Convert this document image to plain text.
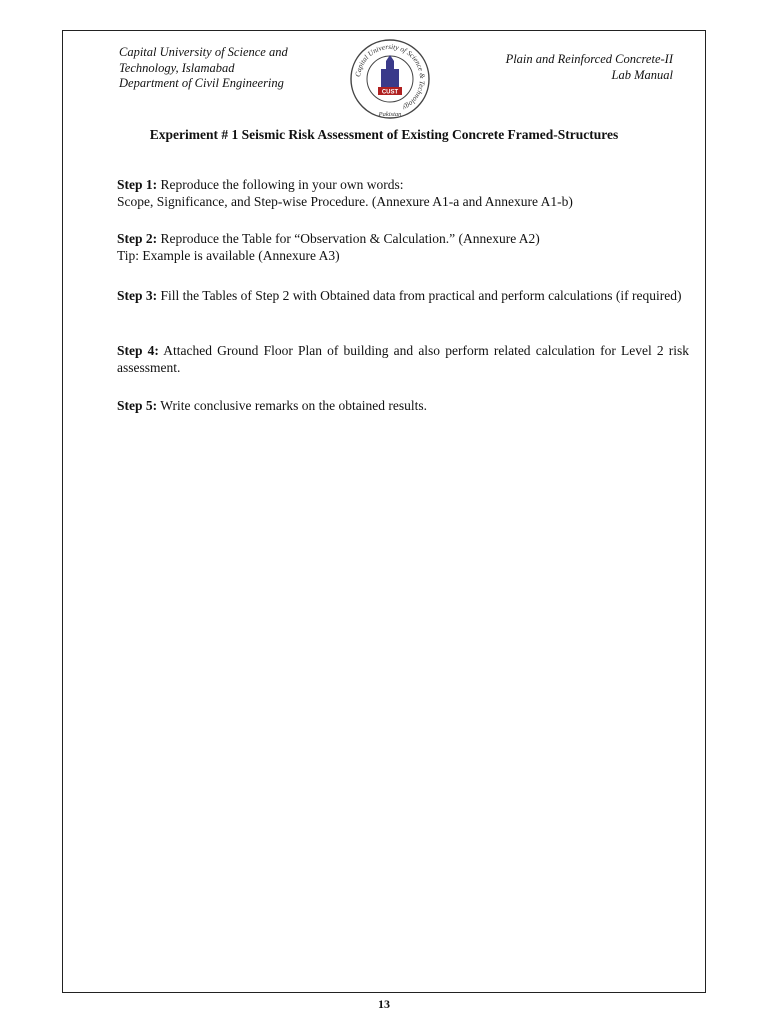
Capital University of Science and
Technology, Islamabad
Department of Civil Engineering
Capital University of Science & Technology
CUST
Pakistan
Plain and Reinforced Concrete-II
Lab Manual
Experiment # 1 Seismic Risk Assessment of Existing Concrete Framed-Structures
Step 1: Reproduce the following in your own words:
Scope, Significance, and Step-wise Procedure. (Annexure A1-a and Annexure A1-b)
Step 2: Reproduce the Table for “Observation & Calculation.” (Annexure A2)
Tip: Example is available (Annexure A3)
Step 3: Fill the Tables of Step 2 with Obtained data from practical and perform calculations (if required)
Step 4: Attached Ground Floor Plan of building and also perform related calculation for Level 2 risk assessment.
Step 5: Write conclusive remarks on the obtained results.
13
